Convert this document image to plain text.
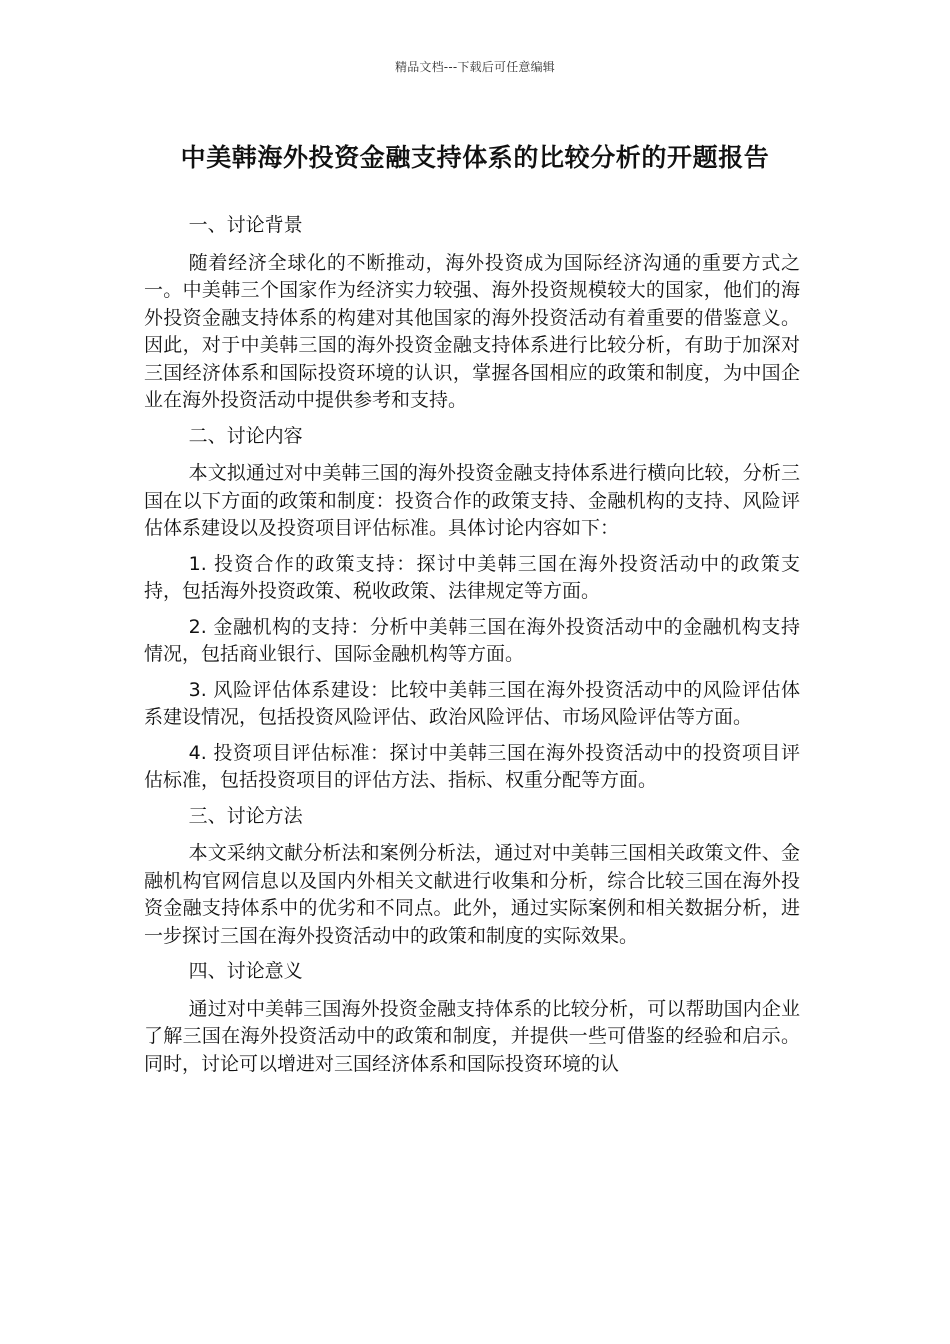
精品文档---下载后可任意编辑
中美韩海外投资金融支持体系的比较分析的开题报告

一、讨论背景

随着经济全球化的不断推动，海外投资成为国际经济沟通的重要方式之一。中美韩三个国家作为经济实力较强、海外投资规模较大的国家，他们的海外投资金融支持体系的构建对其他国家的海外投资活动有着重要的借鉴意义。因此，对于中美韩三国的海外投资金融支持体系进行比较分析，有助于加深对三国经济体系和国际投资环境的认识，掌握各国相应的政策和制度，为中国企业在海外投资活动中提供参考和支持。

二、讨论内容

本文拟通过对中美韩三国的海外投资金融支持体系进行横向比较，分析三国在以下方面的政策和制度：投资合作的政策支持、金融机构的支持、风险评估体系建设以及投资项目评估标准。具体讨论内容如下：

1. 投资合作的政策支持：探讨中美韩三国在海外投资活动中的政策支持，包括海外投资政策、税收政策、法律规定等方面。

2. 金融机构的支持：分析中美韩三国在海外投资活动中的金融机构支持情况，包括商业银行、国际金融机构等方面。

3. 风险评估体系建设：比较中美韩三国在海外投资活动中的风险评估体系建设情况，包括投资风险评估、政治风险评估、市场风险评估等方面。

4. 投资项目评估标准：探讨中美韩三国在海外投资活动中的投资项目评估标准，包括投资项目的评估方法、指标、权重分配等方面。

三、讨论方法

本文采纳文献分析法和案例分析法，通过对中美韩三国相关政策文件、金融机构官网信息以及国内外相关文献进行收集和分析，综合比较三国在海外投资金融支持体系中的优劣和不同点。此外，通过实际案例和相关数据分析，进一步探讨三国在海外投资活动中的政策和制度的实际效果。

四、讨论意义

通过对中美韩三国海外投资金融支持体系的比较分析，可以帮助国内企业了解三国在海外投资活动中的政策和制度，并提供一些可借鉴的经验和启示。同时，讨论可以增进对三国经济体系和国际投资环境的认
